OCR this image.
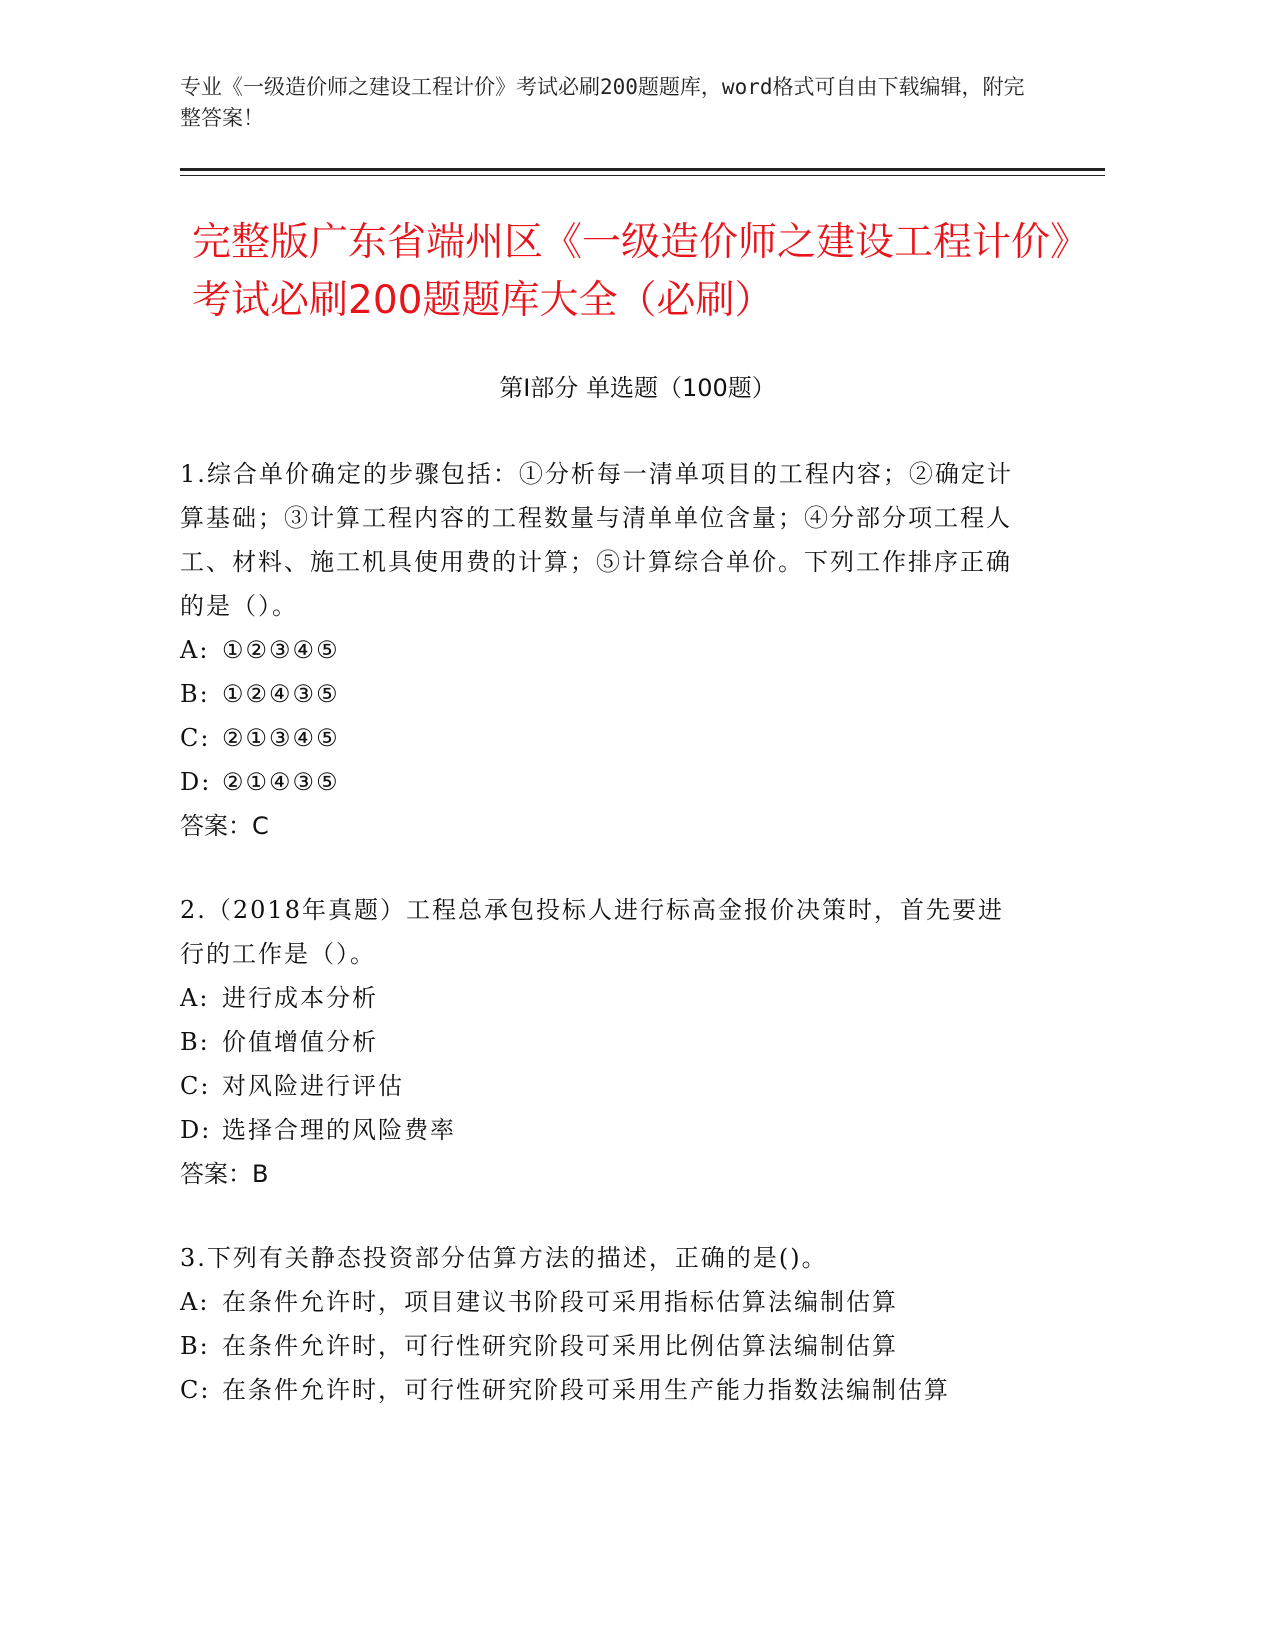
专业《一级造价师之建设工程计价》考试必刷200题题库，word格式可自由下载编辑，附完整答案！
完整版广东省端州区《一级造价师之建设工程计价》考试必刷200题题库大全（必刷）
第Ⅰ部分 单选题（100题）

1.综合单价确定的步骤包括：①分析每一清单项目的工程内容；②确定计算基础；③计算工程内容的工程数量与清单单位含量；④分部分项工程人工、材料、施工机具使用费的计算；⑤计算综合单价。下列工作排序正确的是（）。

A: ①②③④⑤

B: ①②④③⑤

C: ②①③④⑤

D: ②①④③⑤

答案：C

2.（2018年真题）工程总承包投标人进行标高金报价决策时，首先要进行的工作是（）。

A: 进行成本分析

B: 价值增值分析

C: 对风险进行评估

D: 选择合理的风险费率

答案：B

3.下列有关静态投资部分估算方法的描述，正确的是()。

A: 在条件允许时，项目建议书阶段可采用指标估算法编制估算

B: 在条件允许时，可行性研究阶段可采用比例估算法编制估算

C: 在条件允许时，可行性研究阶段可采用生产能力指数法编制估算
